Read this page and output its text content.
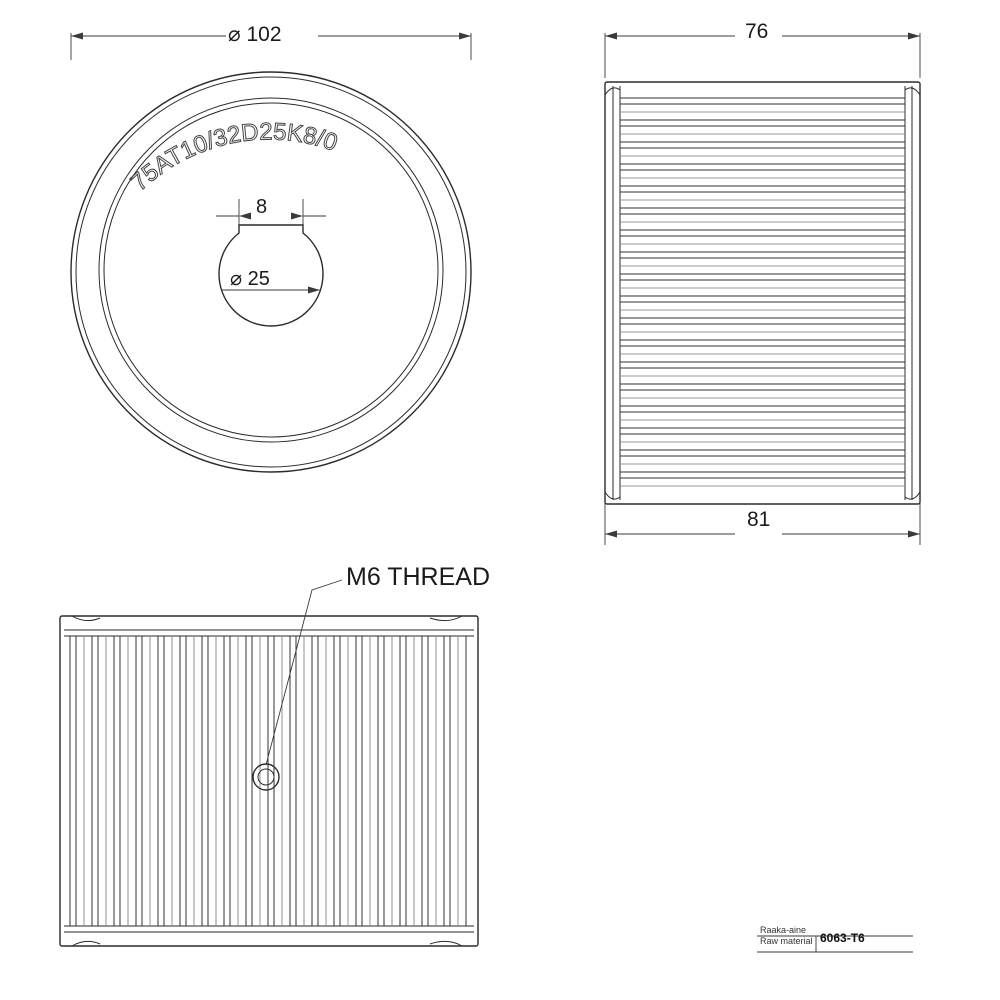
75AT10/32D25K8/0
⌀ 102
8
⌀ 25
76
81
M6 THREAD
Raaka-aine
Raw material 6063-T6
